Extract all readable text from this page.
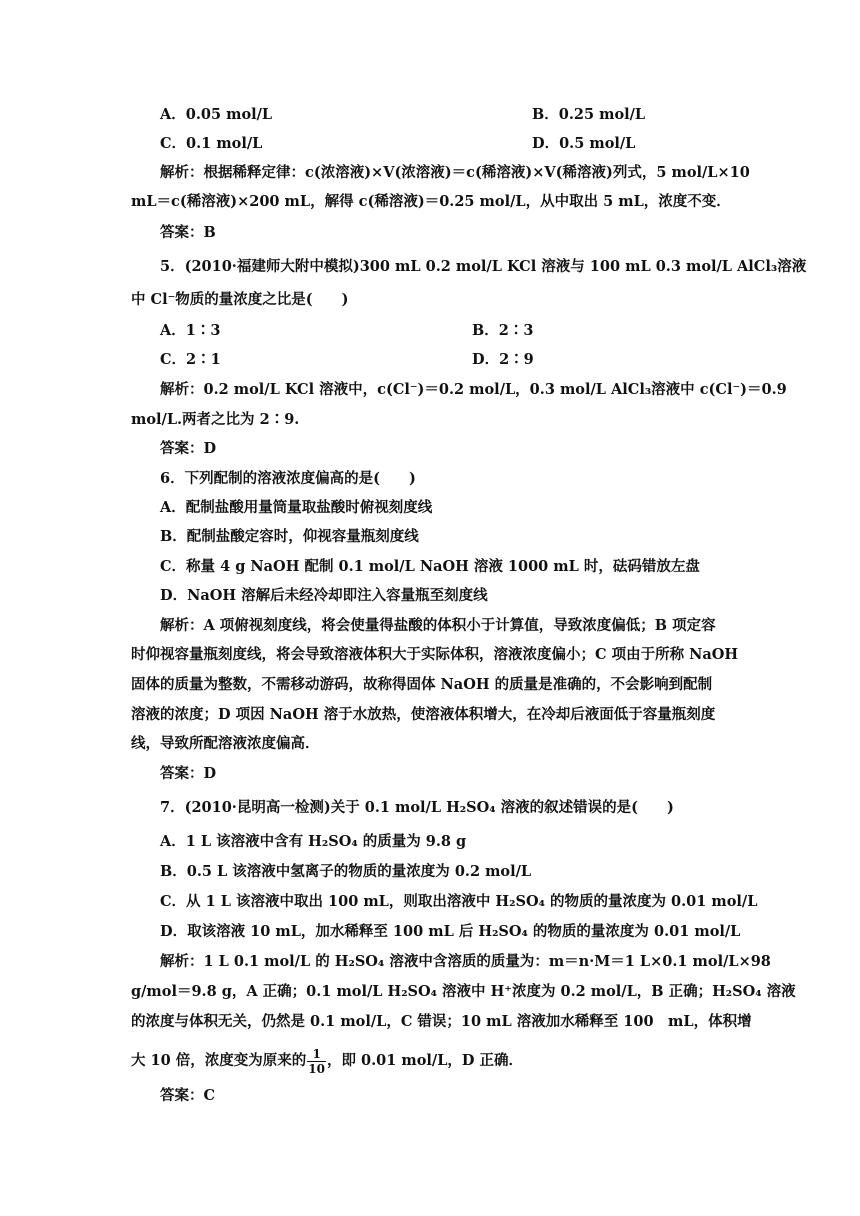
A．0.05 mol/L	B．0.25 mol/L
C．0.1 mol/L	D．0.5 mol/L
解析：根据稀释定律：c(浓溶液)×V(浓溶液)＝c(稀溶液)×V(稀溶液)列式，5 mol/L×10
mL＝c(稀溶液)×200 mL，解得 c(稀溶液)＝0.25 mol/L，从中取出 5 mL，浓度不变．
答案：B
5．(2010·福建师大附中模拟)300 mL 0.2 mol/L KCl 溶液与 100 mL 0.3 mol/L AlCl₃溶液
中 Cl⁻物质的量浓度之比是(　　)
A．1∶3	B．2∶3
C．2∶1	D．2∶9
解析：0.2 mol/L KCl 溶液中，c(Cl⁻)＝0.2 mol/L，0.3 mol/L AlCl₃溶液中 c(Cl⁻)＝0.9
mol/L.两者之比为 2∶9.
答案：D
6．下列配制的溶液浓度偏高的是(　　)
A．配制盐酸用量筒量取盐酸时俯视刻度线
B．配制盐酸定容时，仰视容量瓶刻度线
C．称量 4 g NaOH 配制 0.1 mol/L NaOH 溶液 1000 mL 时，砝码错放左盘
D．NaOH 溶解后未经冷却即注入容量瓶至刻度线
解析：A 项俯视刻度线，将会使量得盐酸的体积小于计算值，导致浓度偏低；B 项定容
时仰视容量瓶刻度线，将会导致溶液体积大于实际体积，溶液浓度偏小；C 项由于所称 NaOH
固体的质量为整数，不需移动游码，故称得固体 NaOH 的质量是准确的，不会影响到配制
溶液的浓度；D 项因 NaOH 溶于水放热，使溶液体积增大，在冷却后液面低于容量瓶刻度
线，导致所配溶液浓度偏高．
答案：D
7．(2010·昆明高一检测)关于 0.1 mol/L H₂SO₄ 溶液的叙述错误的是(　　)
A．1 L 该溶液中含有 H₂SO₄ 的质量为 9.8 g
B．0.5 L 该溶液中氢离子的物质的量浓度为 0.2 mol/L
C．从 1 L 该溶液中取出 100 mL，则取出溶液中 H₂SO₄ 的物质的量浓度为 0.01 mol/L
D．取该溶液 10 mL，加水稀释至 100 mL 后 H₂SO₄ 的物质的量浓度为 0.01 mol/L
解析：1 L 0.1 mol/L 的 H₂SO₄ 溶液中含溶质的质量为：m＝n·M＝1 L×0.1 mol/L×98
g/mol＝9.8 g，A 正确；0.1 mol/L H₂SO₄ 溶液中 H⁺浓度为 0.2 mol/L，B 正确；H₂SO₄ 溶液
的浓度与体积无关，仍然是 0.1 mol/L，C 错误；10 mL 溶液加水稀释至 100　mL，体积增
大 10 倍，浓度变为原来的 $\frac{1}{10}$ ，即 0.01 mol/L，D 正确．
答案：C
